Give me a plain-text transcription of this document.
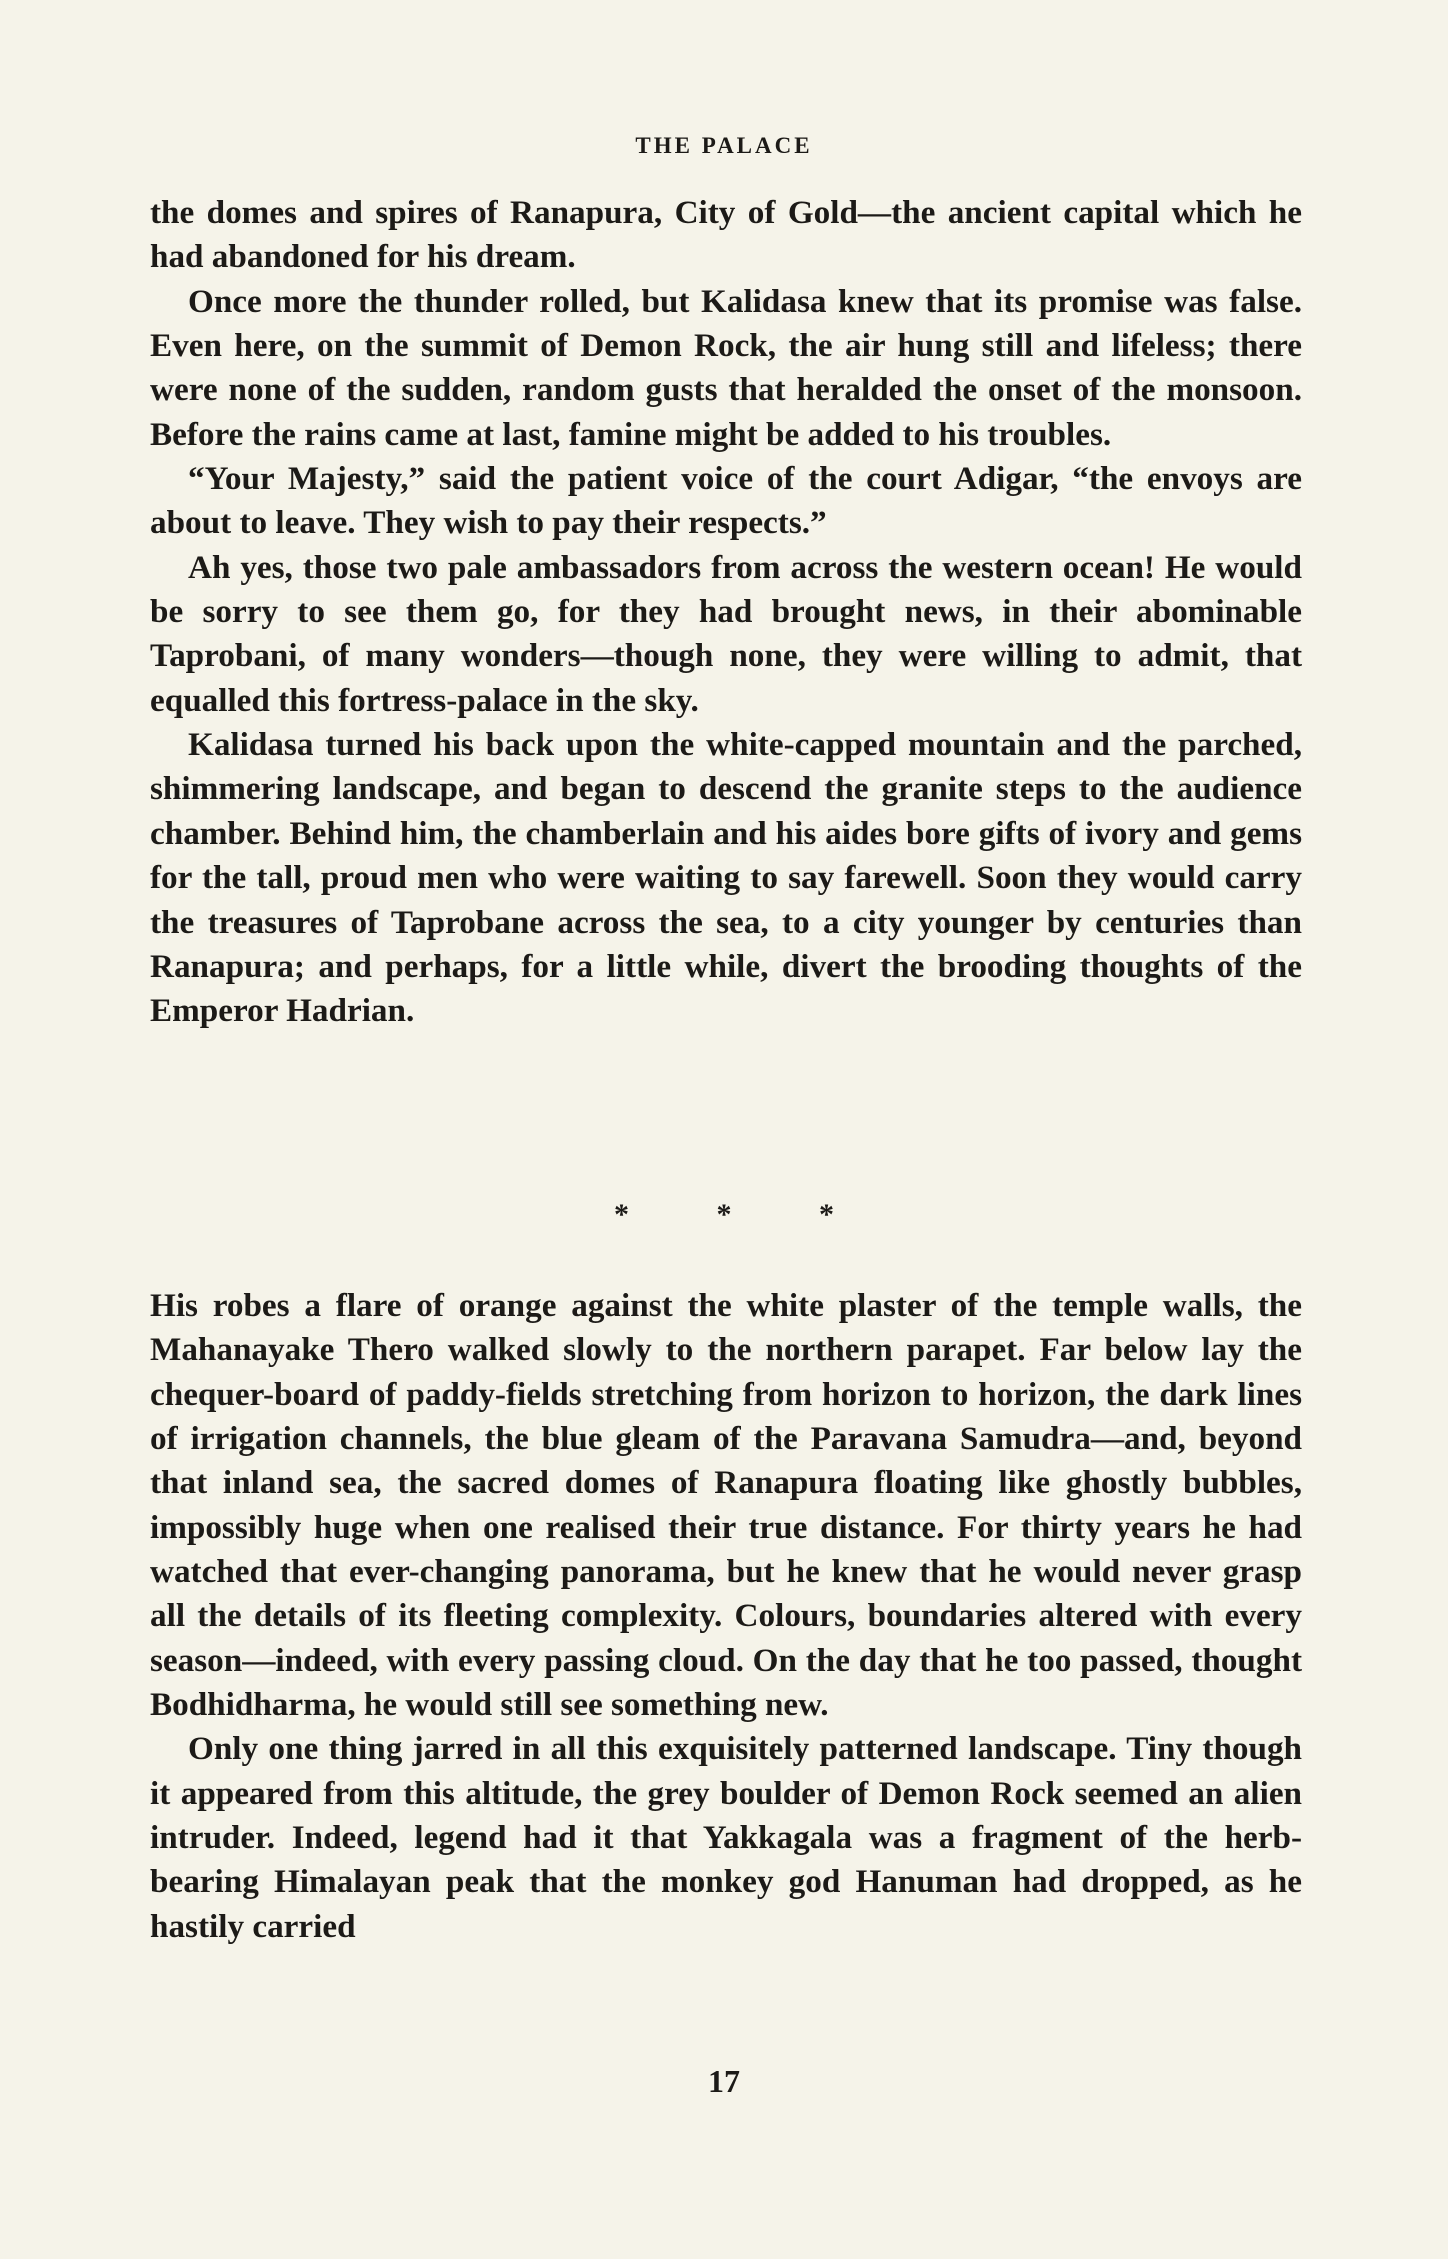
THE PALACE

the domes and spires of Ranapura, City of Gold—the ancient capital which he had abandoned for his dream.

Once more the thunder rolled, but Kalidasa knew that its promise was false. Even here, on the summit of Demon Rock, the air hung still and lifeless; there were none of the sudden, random gusts that heralded the onset of the monsoon. Before the rains came at last, famine might be added to his troubles.

“Your Majesty,” said the patient voice of the court Adigar, “the envoys are about to leave. They wish to pay their respects.”

Ah yes, those two pale ambassadors from across the western ocean! He would be sorry to see them go, for they had brought news, in their abominable Taprobani, of many wonders—though none, they were willing to admit, that equalled this fortress-palace in the sky.

Kalidasa turned his back upon the white-capped mountain and the parched, shimmering landscape, and began to descend the granite steps to the audience chamber. Behind him, the chamberlain and his aides bore gifts of ivory and gems for the tall, proud men who were waiting to say farewell. Soon they would carry the treasures of Taprobane across the sea, to a city younger by centuries than Ranapura; and perhaps, for a little while, divert the brooding thoughts of the Emperor Hadrian.

* * *

His robes a flare of orange against the white plaster of the temple walls, the Mahanayake Thero walked slowly to the northern parapet. Far below lay the chequer-board of paddy-fields stretching from horizon to horizon, the dark lines of irrigation channels, the blue gleam of the Paravana Samudra—and, beyond that inland sea, the sacred domes of Ranapura floating like ghostly bubbles, impossibly huge when one realised their true distance. For thirty years he had watched that ever-changing panorama, but he knew that he would never grasp all the details of its fleeting complexity. Colours, boundaries altered with every season—indeed, with every passing cloud. On the day that he too passed, thought Bodhidharma, he would still see something new.

Only one thing jarred in all this exquisitely patterned landscape. Tiny though it appeared from this altitude, the grey boulder of Demon Rock seemed an alien intruder. Indeed, legend had it that Yakkagala was a fragment of the herb-bearing Himalayan peak that the monkey god Hanuman had dropped, as he hastily carried

17
